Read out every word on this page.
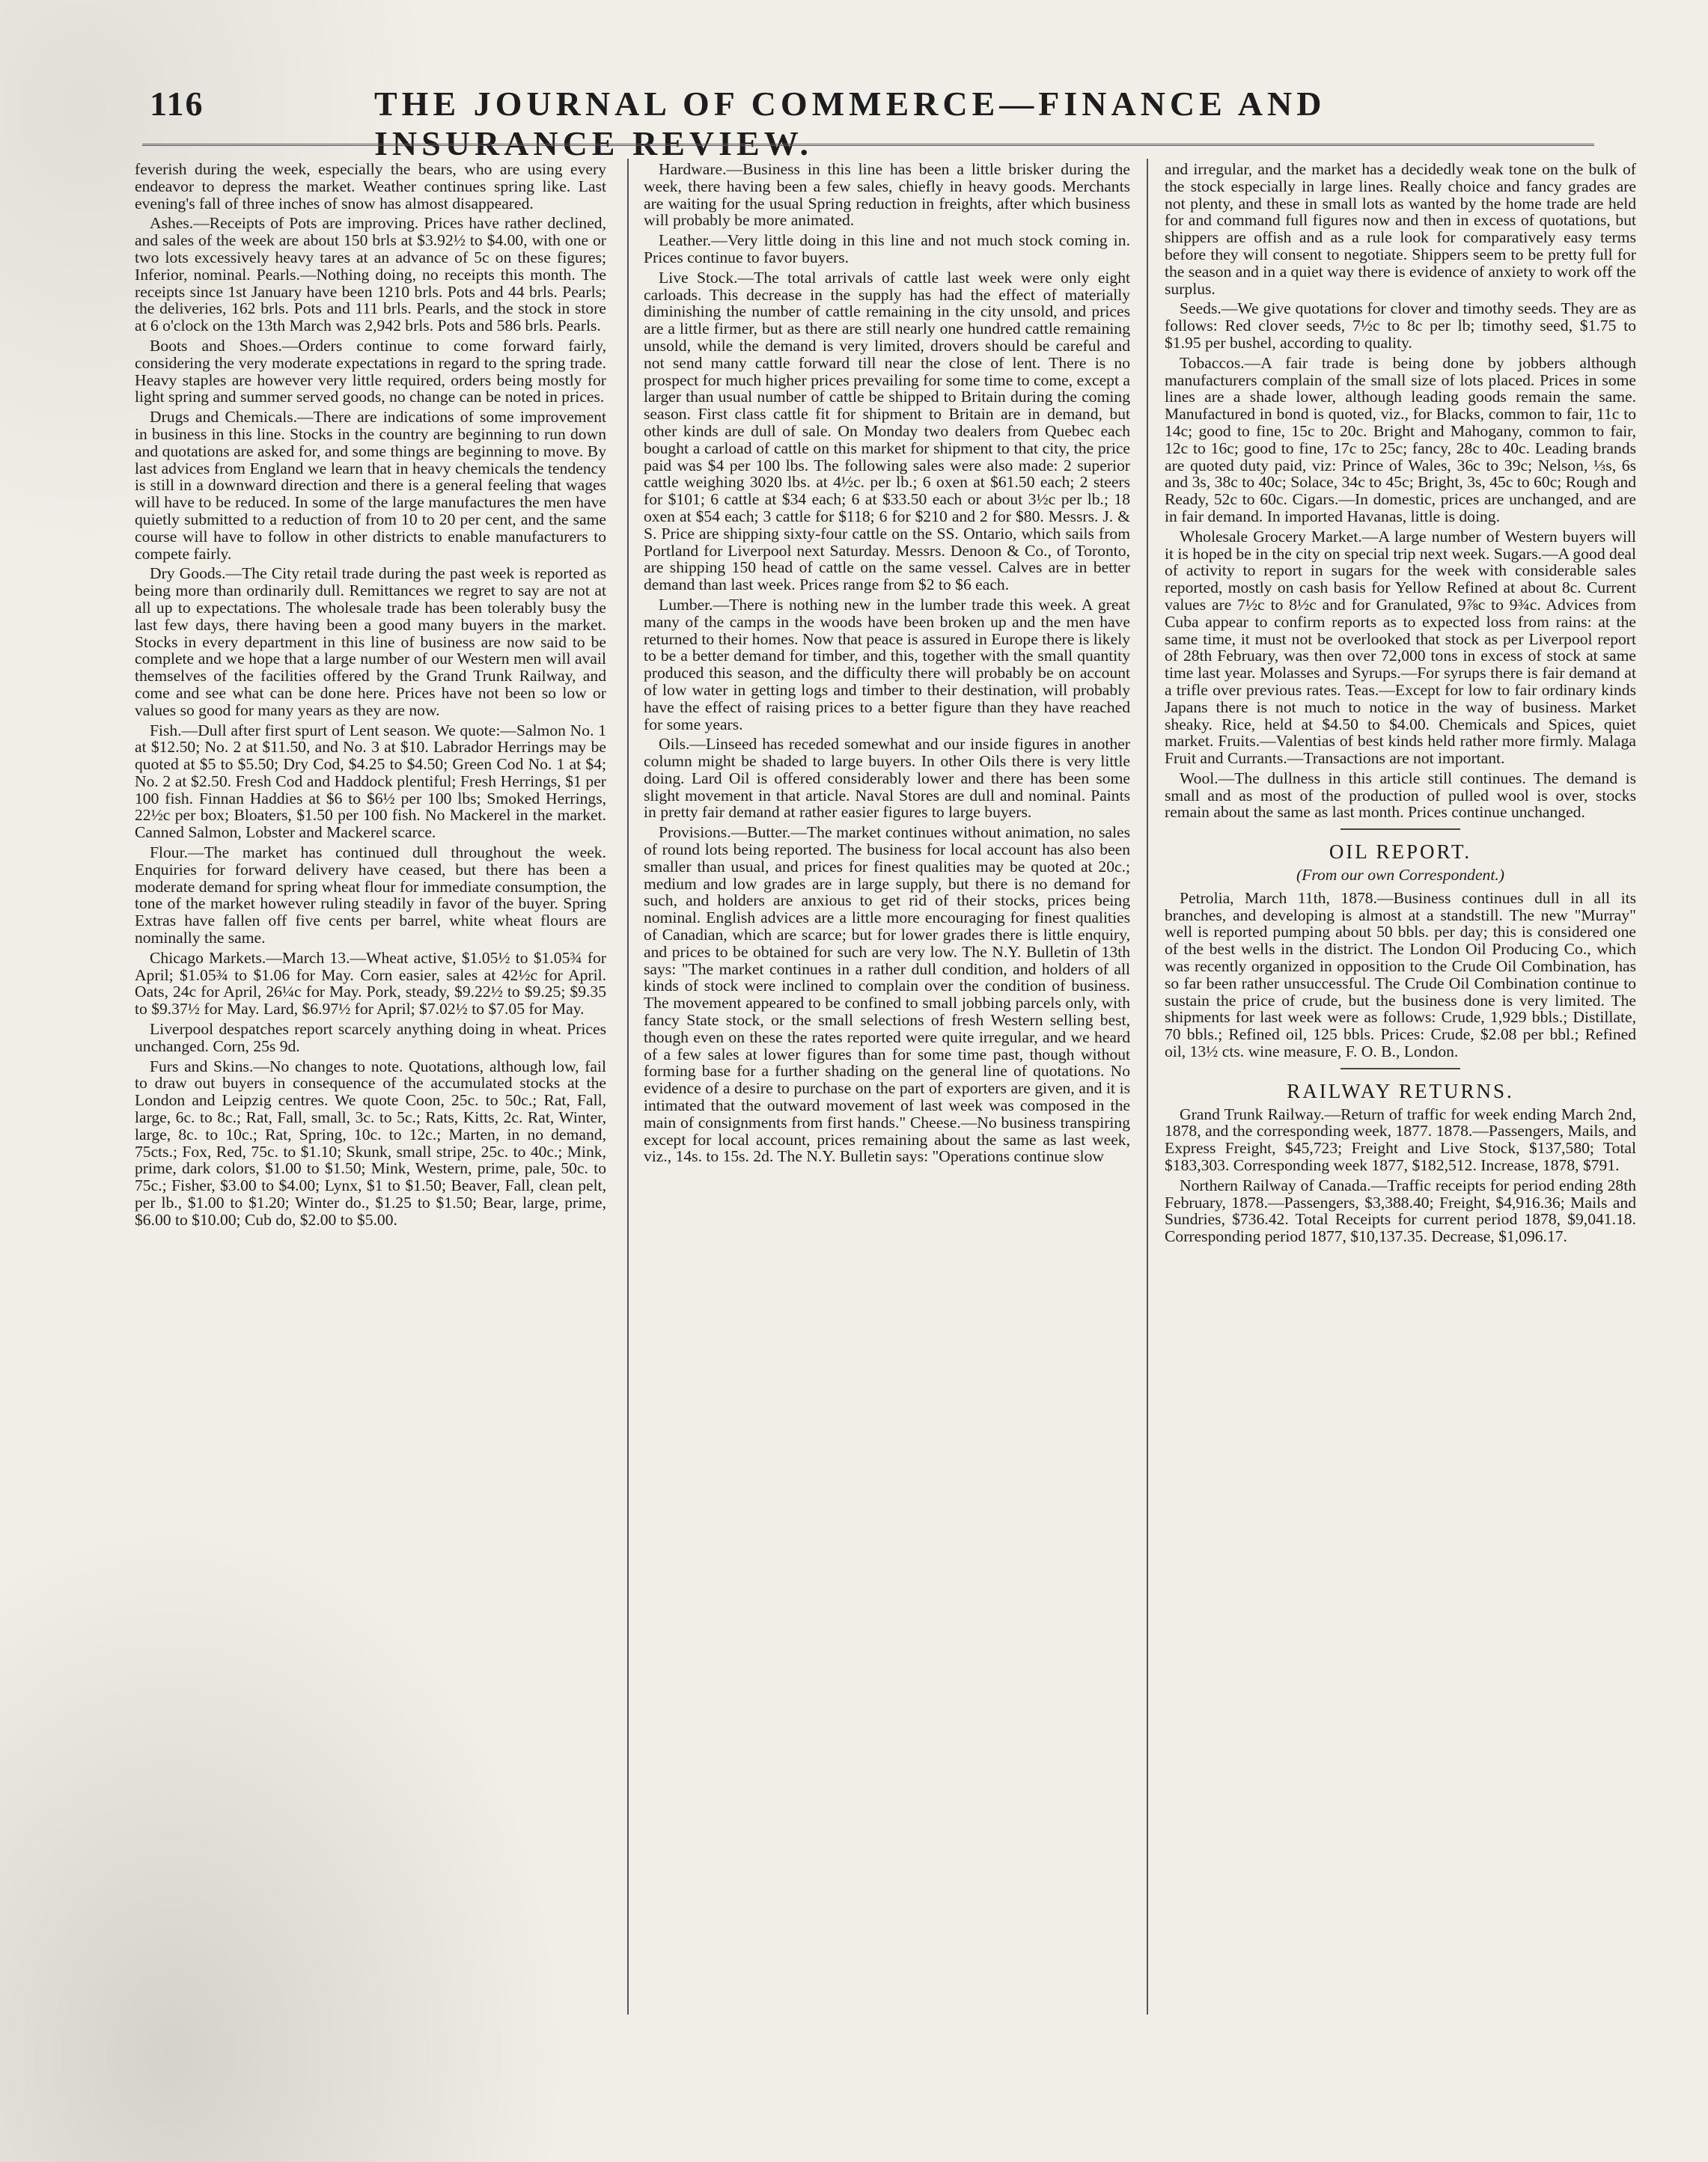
116	THE JOURNAL OF COMMERCE—FINANCE AND INSURANCE REVIEW.

feverish during the week, especially the bears, who are using every endeavor to depress the market. Weather continues spring like. Last evening's fall of three inches of snow has almost disappeared.

Ashes.—Receipts of Pots are improving. Prices have rather declined, and sales of the week are about 150 brls at $3.92½ to $4.00, with one or two lots excessively heavy tares at an advance of 5c on these figures; Inferior, nominal. Pearls.—Nothing doing, no receipts this month. The receipts since 1st January have been 1210 brls. Pots and 44 brls. Pearls; the deliveries, 162 brls. Pots and 111 brls. Pearls, and the stock in store at 6 o'clock on the 13th March was 2,942 brls. Pots and 586 brls. Pearls.

Boots and Shoes.—Orders continue to come forward fairly, considering the very moderate expectations in regard to the spring trade. Heavy staples are however very little required, orders being mostly for light spring and summer served goods, no change can be noted in prices.

Drugs and Chemicals.—There are indications of some improvement in business in this line. Stocks in the country are beginning to run down and quotations are asked for, and some things are beginning to move. By last advices from England we learn that in heavy chemicals the tendency is still in a downward direction and there is a general feeling that wages will have to be reduced. In some of the large manufactures the men have quietly submitted to a reduction of from 10 to 20 per cent, and the same course will have to follow in other districts to enable manufacturers to compete fairly.

Dry Goods.—The City retail trade during the past week is reported as being more than ordinarily dull. Remittances we regret to say are not at all up to expectations. The wholesale trade has been tolerably busy the last few days, there having been a good many buyers in the market. Stocks in every department in this line of business are now said to be complete and we hope that a large number of our Western men will avail themselves of the facilities offered by the Grand Trunk Railway, and come and see what can be done here. Prices have not been so low or values so good for many years as they are now.

Fish.—Dull after first spurt of Lent season. We quote:—Salmon No. 1 at $12.50; No. 2 at $11.50, and No. 3 at $10. Labrador Herrings may be quoted at $5 to $5.50; Dry Cod, $4.25 to $4.50; Green Cod No. 1 at $4; No. 2 at $2.50. Fresh Cod and Haddock plentiful; Fresh Herrings, $1 per 100 fish. Finnan Haddies at $6 to $6½ per 100 lbs; Smoked Herrings, 22½c per box; Bloaters, $1.50 per 100 fish. No Mackerel in the market. Canned Salmon, Lobster and Mackerel scarce.

Flour.—The market has continued dull throughout the week. Enquiries for forward delivery have ceased, but there has been a moderate demand for spring wheat flour for immediate consumption, the tone of the market however ruling steadily in favor of the buyer. Spring Extras have fallen off five cents per barrel, white wheat flours are nominally the same.

Chicago Markets.—March 13.—Wheat active, $1.05½ to $1.05¾ for April; $1.05¾ to $1.06 for May. Corn easier, sales at 42½c for April. Oats, 24c for April, 26¼c for May. Pork, steady, $9.22½ to $9.25; $9.35 to $9.37½ for May. Lard, $6.97½ for April; $7.02½ to $7.05 for May.

Liverpool despatches report scarcely anything doing in wheat. Prices unchanged. Corn, 25s 9d.

Furs and Skins.—No changes to note. Quotations, although low, fail to draw out buyers in consequence of the accumulated stocks at the London and Leipzig centres. We quote Coon, 25c. to 50c.; Rat, Fall, large, 6c. to 8c.; Rat, Fall, small, 3c. to 5c.; Rats, Kitts, 2c. Rat, Winter, large, 8c. to 10c.; Rat, Spring, 10c. to 12c.; Marten, in no demand, 75cts.; Fox, Red, 75c. to $1.10; Skunk, small stripe, 25c. to 40c.; Mink, prime, dark colors, $1.00 to $1.50; Mink, Western, prime, pale, 50c. to 75c.; Fisher, $3.00 to $4.00; Lynx, $1 to $1.50; Beaver, Fall, clean pelt, per lb., $1.00 to $1.20; Winter do., $1.25 to $1.50; Bear, large, prime, $6.00 to $10.00; Cub do, $2.00 to $5.00.

Hardware.—Business in this line has been a little brisker during the week, there having been a few sales, chiefly in heavy goods. Merchants are waiting for the usual Spring reduction in freights, after which business will probably be more animated.

Leather.—Very little doing in this line and not much stock coming in. Prices continue to favor buyers.

Live Stock.—The total arrivals of cattle last week were only eight carloads. This decrease in the supply has had the effect of materially diminishing the number of cattle remaining in the city unsold, and prices are a little firmer, but as there are still nearly one hundred cattle remaining unsold, while the demand is very limited, drovers should be careful and not send many cattle forward till near the close of lent. There is no prospect for much higher prices prevailing for some time to come, except a larger than usual number of cattle be shipped to Britain during the coming season. First class cattle fit for shipment to Britain are in demand, but other kinds are dull of sale. On Monday two dealers from Quebec each bought a carload of cattle on this market for shipment to that city, the price paid was $4 per 100 lbs. The following sales were also made: 2 superior cattle weighing 3020 lbs. at 4½c. per lb.; 6 oxen at $61.50 each; 2 steers for $101; 6 cattle at $34 each; 6 at $33.50 each or about 3½c per lb.; 18 oxen at $54 each; 3 cattle for $118; 6 for $210 and 2 for $80. Messrs. J. & S. Price are shipping sixty-four cattle on the SS. Ontario, which sails from Portland for Liverpool next Saturday. Messrs. Denoon & Co., of Toronto, are shipping 150 head of cattle on the same vessel. Calves are in better demand than last week. Prices range from $2 to $6 each.

Lumber.—There is nothing new in the lumber trade this week. A great many of the camps in the woods have been broken up and the men have returned to their homes. Now that peace is assured in Europe there is likely to be a better demand for timber, and this, together with the small quantity produced this season, and the difficulty there will probably be on account of low water in getting logs and timber to their destination, will probably have the effect of raising prices to a better figure than they have reached for some years.

Oils.—Linseed has receded somewhat and our inside figures in another column might be shaded to large buyers. In other Oils there is very little doing. Lard Oil is offered considerably lower and there has been some slight movement in that article. Naval Stores are dull and nominal. Paints in pretty fair demand at rather easier figures to large buyers.

Provisions.—Butter.—The market continues without animation, no sales of round lots being reported. The business for local account has also been smaller than usual, and prices for finest qualities may be quoted at 20c.; medium and low grades are in large supply, but there is no demand for such, and holders are anxious to get rid of their stocks, prices being nominal. English advices are a little more encouraging for finest qualities of Canadian, which are scarce; but for lower grades there is little enquiry, and prices to be obtained for such are very low. The N.Y. Bulletin of 13th says: "The market continues in a rather dull condition, and holders of all kinds of stock were inclined to complain over the condition of business. The movement appeared to be confined to small jobbing parcels only, with fancy State stock, or the small selections of fresh Western selling best, though even on these the rates reported were quite irregular, and we heard of a few sales at lower figures than for some time past, though without forming base for a further shading on the general line of quotations. No evidence of a desire to purchase on the part of exporters are given, and it is intimated that the outward movement of last week was composed in the main of consignments from first hands." Cheese.—No business transpiring except for local account, prices remaining about the same as last week, viz., 14s. to 15s. 2d. The N.Y. Bulletin says: "Operations continue slow

and irregular, and the market has a decidedly weak tone on the bulk of the stock especially in large lines. Really choice and fancy grades are not plenty, and these in small lots as wanted by the home trade are held for and command full figures now and then in excess of quotations, but shippers are offish and as a rule look for comparatively easy terms before they will consent to negotiate. Shippers seem to be pretty full for the season and in a quiet way there is evidence of anxiety to work off the surplus.

Seeds.—We give quotations for clover and timothy seeds. They are as follows: Red clover seeds, 7½c to 8c per lb; timothy seed, $1.75 to $1.95 per bushel, according to quality.

Tobaccos.—A fair trade is being done by jobbers although manufacturers complain of the small size of lots placed. Prices in some lines are a shade lower, although leading goods remain the same. Manufactured in bond is quoted, viz., for Blacks, common to fair, 11c to 14c; good to fine, 15c to 20c. Bright and Mahogany, common to fair, 12c to 16c; good to fine, 17c to 25c; fancy, 28c to 40c. Leading brands are quoted duty paid, viz: Prince of Wales, 36c to 39c; Nelson, ⅓s, 6s and 3s, 38c to 40c; Solace, 34c to 45c; Bright, 3s, 45c to 60c; Rough and Ready, 52c to 60c. Cigars.—In domestic, prices are unchanged, and are in fair demand. In imported Havanas, little is doing.

Wholesale Grocery Market.—A large number of Western buyers will it is hoped be in the city on special trip next week. Sugars.—A good deal of activity to report in sugars for the week with considerable sales reported, mostly on cash basis for Yellow Refined at about 8c. Current values are 7½c to 8½c and for Granulated, 9⅞c to 9¾c. Advices from Cuba appear to confirm reports as to expected loss from rains: at the same time, it must not be overlooked that stock as per Liverpool report of 28th February, was then over 72,000 tons in excess of stock at same time last year. Molasses and Syrups.—For syrups there is fair demand at a trifle over previous rates. Teas.—Except for low to fair ordinary kinds Japans there is not much to notice in the way of business. Market sheaky. Rice, held at $4.50 to $4.00. Chemicals and Spices, quiet market. Fruits.—Valentias of best kinds held rather more firmly. Malaga Fruit and Currants.—Transactions are not important.

Wool.—The dullness in this article still continues. The demand is small and as most of the production of pulled wool is over, stocks remain about the same as last month. Prices continue unchanged.

OIL REPORT.
(From our own Correspondent.)

Petrolia, March 11th, 1878.—Business continues dull in all its branches, and developing is almost at a standstill. The new "Murray" well is reported pumping about 50 bbls. per day; this is considered one of the best wells in the district. The London Oil Producing Co., which was recently organized in opposition to the Crude Oil Combination, has so far been rather unsuccessful. The Crude Oil Combination continue to sustain the price of crude, but the business done is very limited. The shipments for last week were as follows: Crude, 1,929 bbls.; Distillate, 70 bbls.; Refined oil, 125 bbls. Prices: Crude, $2.08 per bbl.; Refined oil, 13½ cts. wine measure, F. O. B., London.

RAILWAY RETURNS.

Grand Trunk Railway.—Return of traffic for week ending March 2nd, 1878, and the corresponding week, 1877. 1878.—Passengers, Mails, and Express Freight, $45,723; Freight and Live Stock, $137,580; Total $183,303. Corresponding week 1877, $182,512. Increase, 1878, $791.

Northern Railway of Canada.—Traffic receipts for period ending 28th February, 1878.—Passengers, $3,388.40; Freight, $4,916.36; Mails and Sundries, $736.42. Total Receipts for current period 1878, $9,041.18. Corresponding period 1877, $10,137.35. Decrease, $1,096.17.
